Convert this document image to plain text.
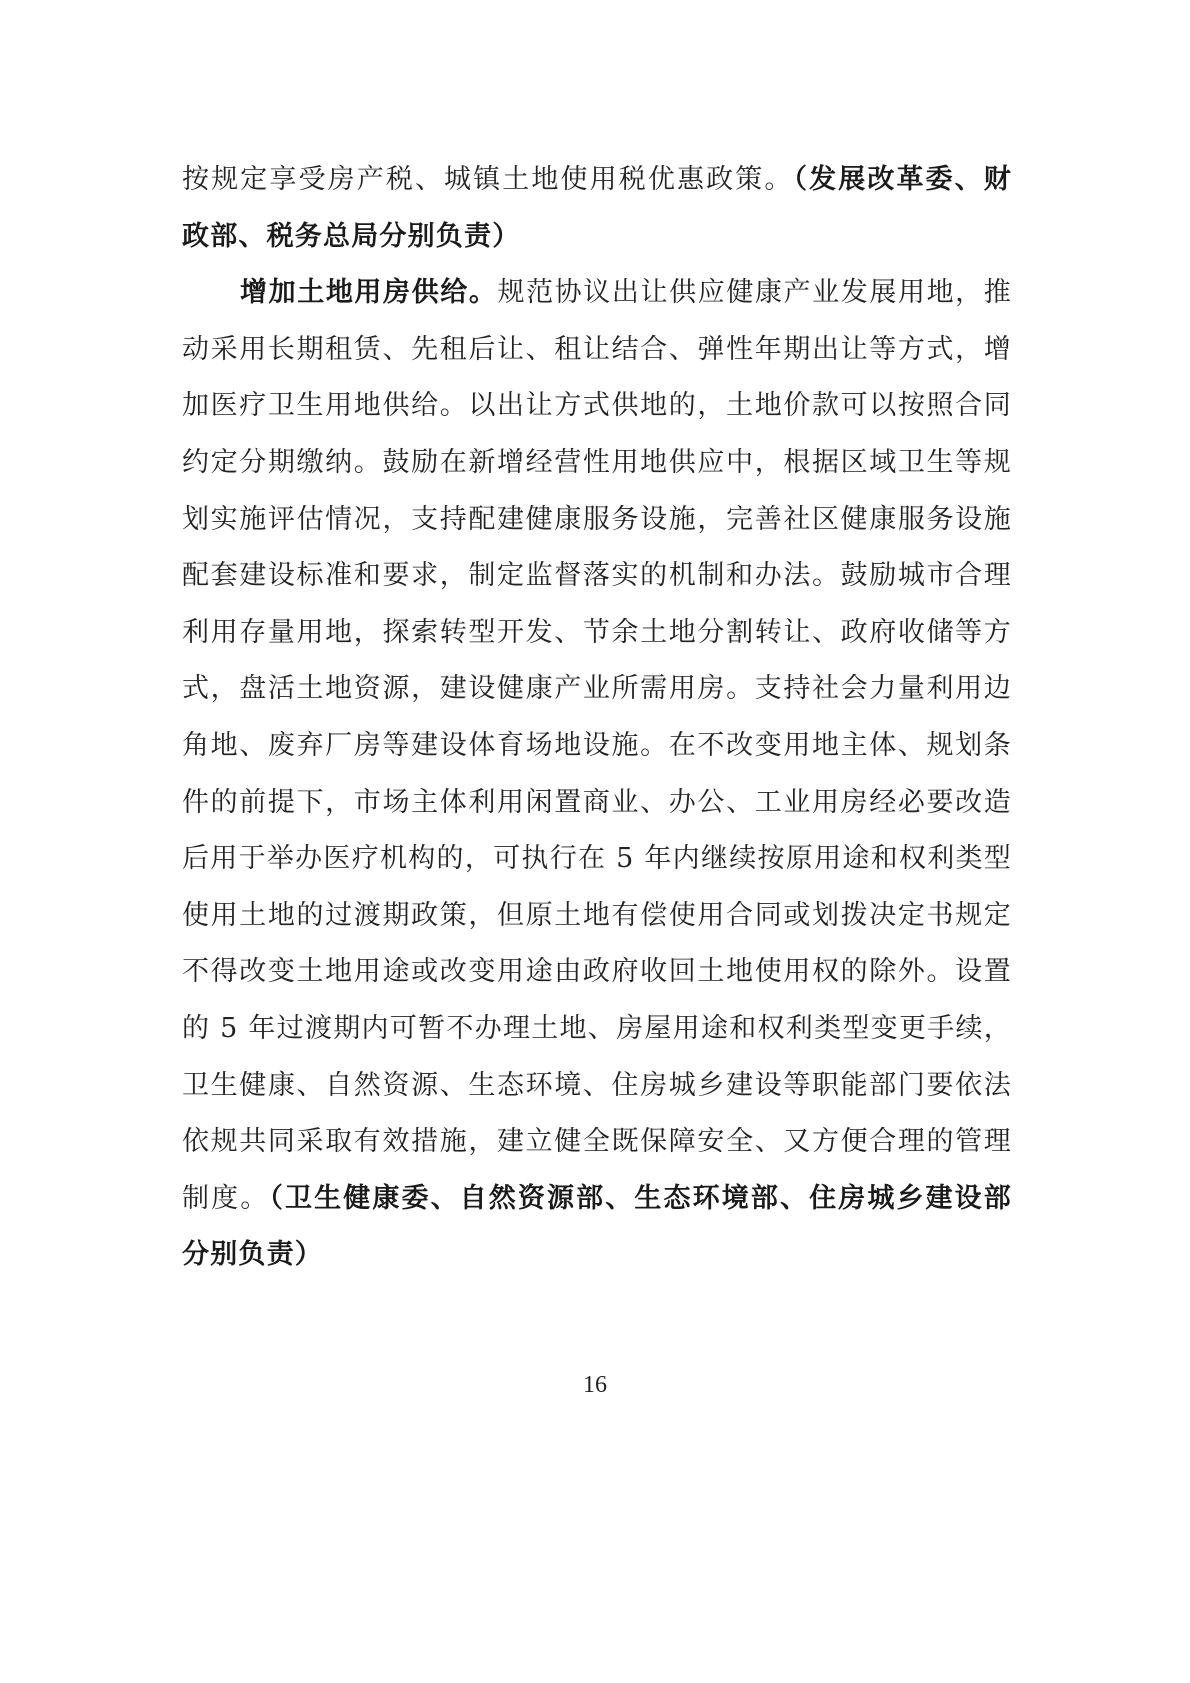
按规定享受房产税、城镇土地使用税优惠政策。（发展改革委、财政部、税务总局分别负责）

增加土地用房供给。规范协议出让供应健康产业发展用地，推动采用长期租赁、先租后让、租让结合、弹性年期出让等方式，增加医疗卫生用地供给。以出让方式供地的，土地价款可以按照合同约定分期缴纳。鼓励在新增经营性用地供应中，根据区域卫生等规划实施评估情况，支持配建健康服务设施，完善社区健康服务设施配套建设标准和要求，制定监督落实的机制和办法。鼓励城市合理利用存量用地，探索转型开发、节余土地分割转让、政府收储等方式，盘活土地资源，建设健康产业所需用房。支持社会力量利用边角地、废弃厂房等建设体育场地设施。在不改变用地主体、规划条件的前提下，市场主体利用闲置商业、办公、工业用房经必要改造后用于举办医疗机构的，可执行在 5 年内继续按原用途和权利类型使用土地的过渡期政策，但原土地有偿使用合同或划拨决定书规定不得改变土地用途或改变用途由政府收回土地使用权的除外。设置的 5 年过渡期内可暂不办理土地、房屋用途和权利类型变更手续，卫生健康、自然资源、生态环境、住房城乡建设等职能部门要依法依规共同采取有效措施，建立健全既保障安全、又方便合理的管理制度。（卫生健康委、自然资源部、生态环境部、住房城乡建设部分别负责）

16
